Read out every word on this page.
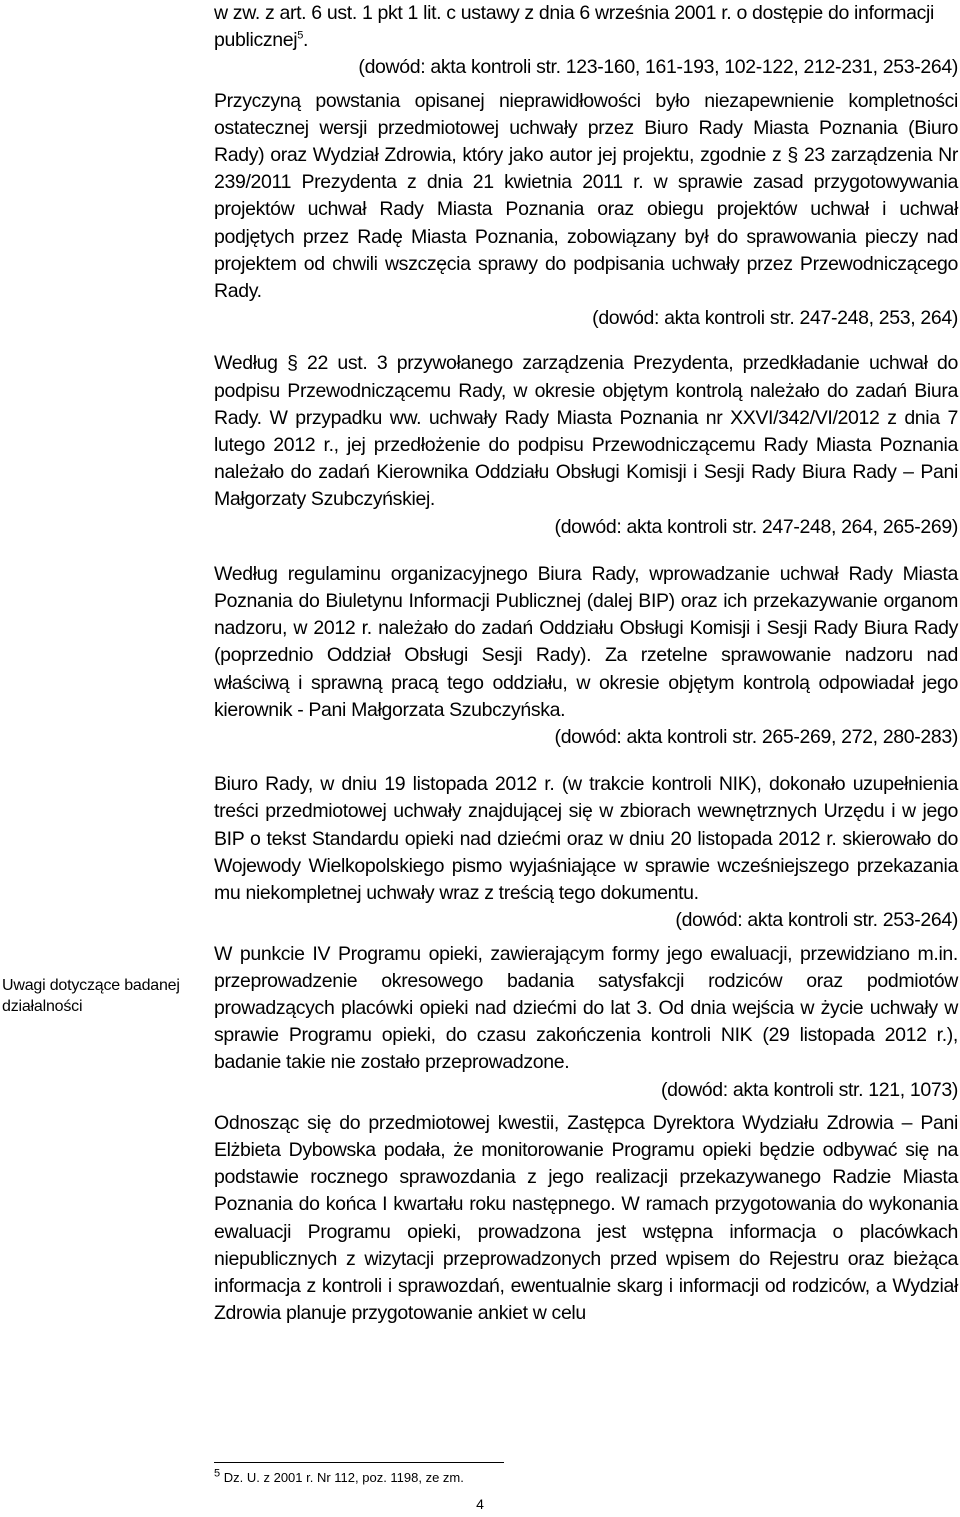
Uwagi dotyczące badanej działalności

w zw. z art. 6 ust. 1 pkt 1 lit. c ustawy z dnia 6 września 2001 r. o dostępie do informacji publicznej$^5$.

(dowód: akta kontroli str. 123-160, 161-193, 102-122, 212-231, 253-264)

Przyczyną powstania opisanej nieprawidłowości było niezapewnienie kompletności ostatecznej wersji przedmiotowej uchwały przez Biuro Rady Miasta Poznania (Biuro Rady) oraz Wydział Zdrowia, który jako autor jej projektu, zgodnie z § 23 zarządzenia Nr 239/2011 Prezydenta z dnia 21 kwietnia 2011 r. w sprawie zasad przygotowywania projektów uchwał Rady Miasta Poznania oraz obiegu projektów uchwał i uchwał podjętych przez Radę Miasta Poznania, zobowiązany był do sprawowania pieczy nad projektem od chwili wszczęcia sprawy do podpisania uchwały przez Przewodniczącego Rady.

(dowód: akta kontroli str. 247-248, 253, 264)

Według § 22 ust. 3 przywołanego zarządzenia Prezydenta, przedkładanie uchwał do podpisu Przewodniczącemu Rady, w okresie objętym kontrolą należało do zadań Biura Rady. W przypadku ww. uchwały Rady Miasta Poznania nr XXVI/342/VI/2012 z dnia 7 lutego 2012 r., jej przedłożenie do podpisu Przewodniczącemu Rady Miasta Poznania należało do zadań Kierownika Oddziału Obsługi Komisji i Sesji Rady Biura Rady – Pani Małgorzaty Szubczyńskiej.

(dowód: akta kontroli str. 247-248, 264, 265-269)

Według regulaminu organizacyjnego Biura Rady, wprowadzanie uchwał Rady Miasta Poznania do Biuletynu Informacji Publicznej (dalej BIP) oraz ich przekazywanie organom nadzoru, w 2012 r. należało do zadań Oddziału Obsługi Komisji i Sesji Rady Biura Rady (poprzednio Oddział Obsługi Sesji Rady). Za rzetelne sprawowanie nadzoru nad właściwą i sprawną pracą tego oddziału, w okresie objętym kontrolą odpowiadał jego kierownik - Pani Małgorzata Szubczyńska.

(dowód: akta kontroli str. 265-269, 272, 280-283)

Biuro Rady, w dniu 19 listopada 2012 r. (w trakcie kontroli NIK), dokonało uzupełnienia treści przedmiotowej uchwały znajdującej się w zbiorach wewnętrznych Urzędu i w jego BIP o tekst Standardu opieki nad dziećmi oraz w dniu 20 listopada 2012 r. skierowało do Wojewody Wielkopolskiego pismo wyjaśniające w sprawie wcześniejszego przekazania mu niekompletnej uchwały wraz z treścią tego dokumentu.

(dowód: akta kontroli str. 253-264)

W punkcie IV Programu opieki, zawierającym formy jego ewaluacji, przewidziano m.in. przeprowadzenie okresowego badania satysfakcji rodziców oraz podmiotów prowadzących placówki opieki nad dziećmi do lat 3. Od dnia wejścia w życie uchwały w sprawie Programu opieki, do czasu zakończenia kontroli NIK (29 listopada 2012 r.), badanie takie nie zostało przeprowadzone.

(dowód: akta kontroli str. 121, 1073)

Odnosząc się do przedmiotowej kwestii, Zastępca Dyrektora Wydziału Zdrowia – Pani Elżbieta Dybowska podała, że monitorowanie Programu opieki będzie odbywać się na podstawie rocznego sprawozdania z jego realizacji przekazywanego Radzie Miasta Poznania do końca I kwartału roku następnego. W ramach przygotowania do wykonania ewaluacji Programu opieki, prowadzona jest wstępna informacja o placówkach niepublicznych z wizytacji przeprowadzonych przed wpisem do Rejestru oraz bieżąca informacja z kontroli i sprawozdań, ewentualnie skarg i informacji od rodziców, a Wydział Zdrowia planuje przygotowanie ankiet w celu

$^5$ Dz. U. z 2001 r. Nr 112, poz. 1198, ze zm.
4
